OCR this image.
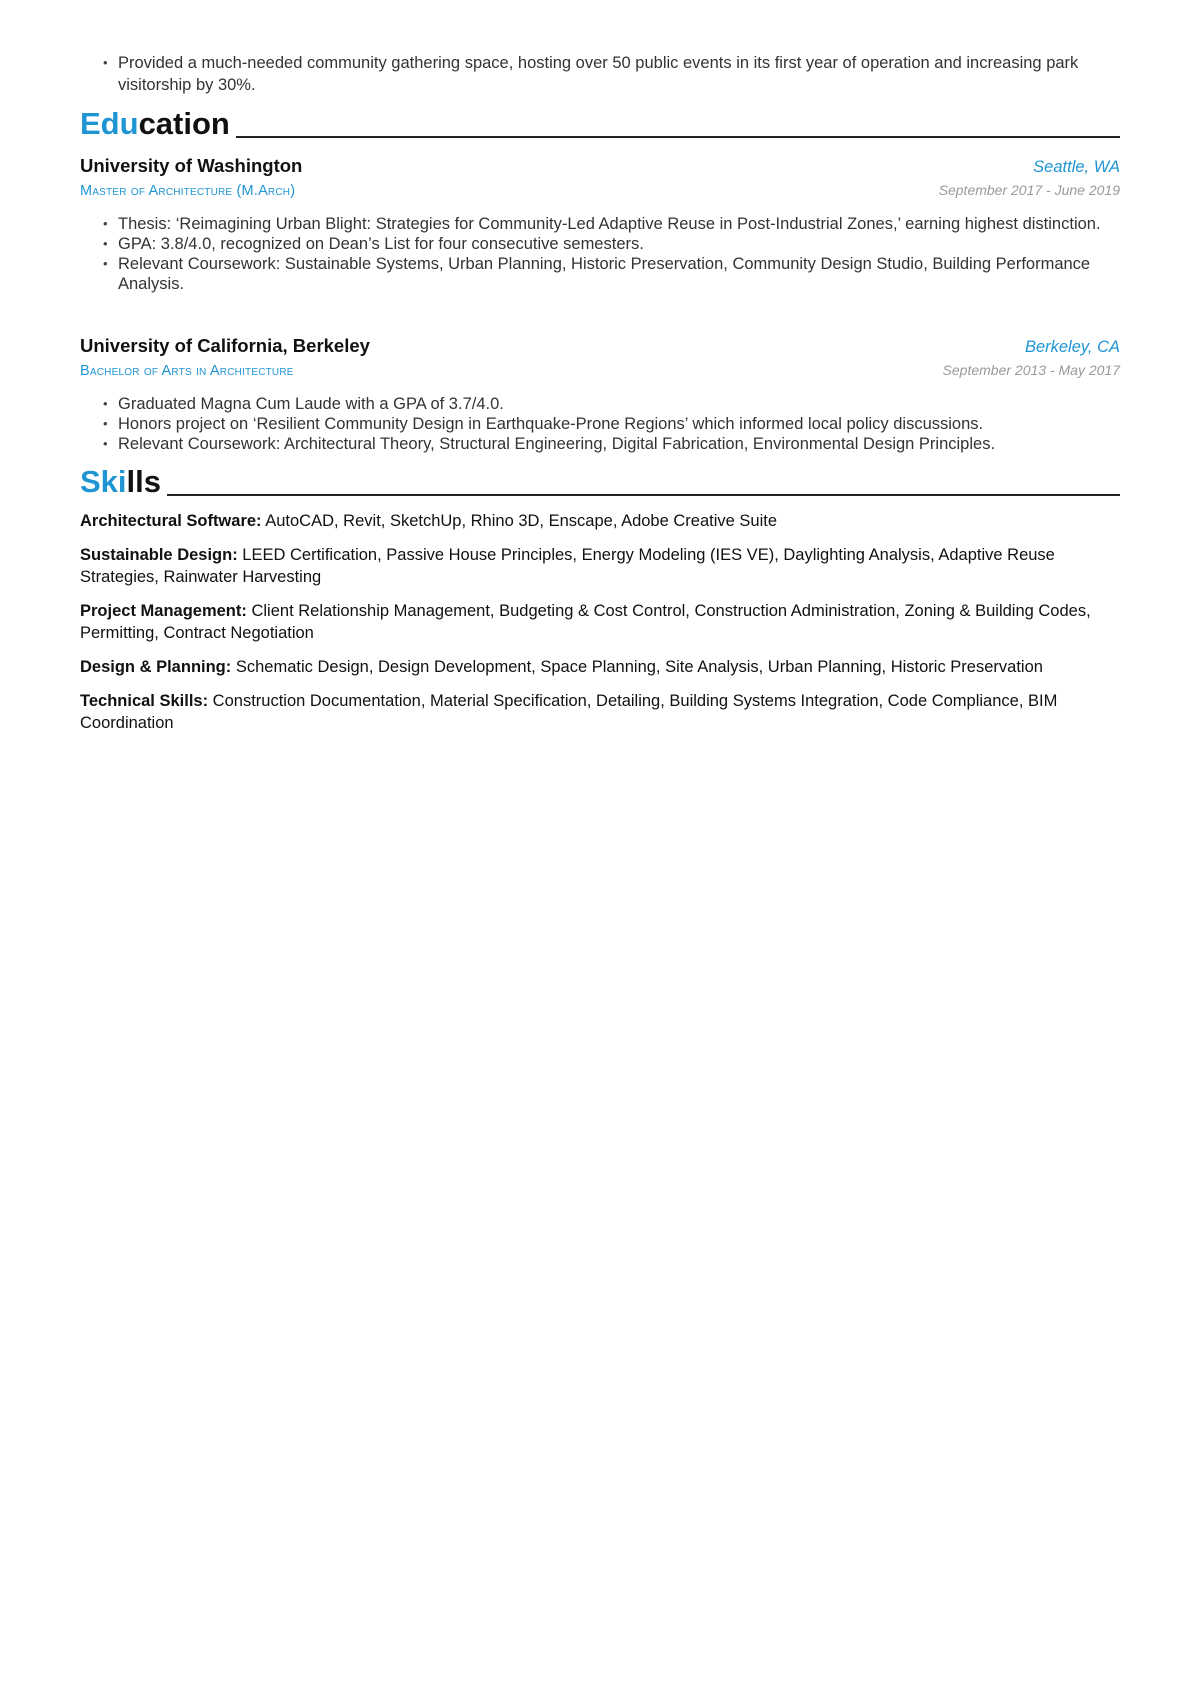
• Provided a much-needed community gathering space, hosting over 50 public events in its first year of operation and increasing park visitorship by 30%.
Education
University of Washington	Seattle, WA
Master of Architecture (M.Arch)	September 2017 - June 2019
• Thesis: ‘Reimagining Urban Blight: Strategies for Community-Led Adaptive Reuse in Post-Industrial Zones,’ earning highest distinction.
• GPA: 3.8/4.0, recognized on Dean’s List for four consecutive semesters.
• Relevant Coursework: Sustainable Systems, Urban Planning, Historic Preservation, Community Design Studio, Building Performance Analysis.
University of California, Berkeley	Berkeley, CA
Bachelor of Arts in Architecture	September 2013 - May 2017
• Graduated Magna Cum Laude with a GPA of 3.7/4.0.
• Honors project on ‘Resilient Community Design in Earthquake-Prone Regions’ which informed local policy discussions.
• Relevant Coursework: Architectural Theory, Structural Engineering, Digital Fabrication, Environmental Design Principles.
Skills
Architectural Software: AutoCAD, Revit, SketchUp, Rhino 3D, Enscape, Adobe Creative Suite
Sustainable Design: LEED Certification, Passive House Principles, Energy Modeling (IES VE), Daylighting Analysis, Adaptive Reuse Strategies, Rainwater Harvesting
Project Management: Client Relationship Management, Budgeting & Cost Control, Construction Administration, Zoning & Building Codes, Permitting, Contract Negotiation
Design & Planning: Schematic Design, Design Development, Space Planning, Site Analysis, Urban Planning, Historic Preservation
Technical Skills: Construction Documentation, Material Specification, Detailing, Building Systems Integration, Code Compliance, BIM Coordination
